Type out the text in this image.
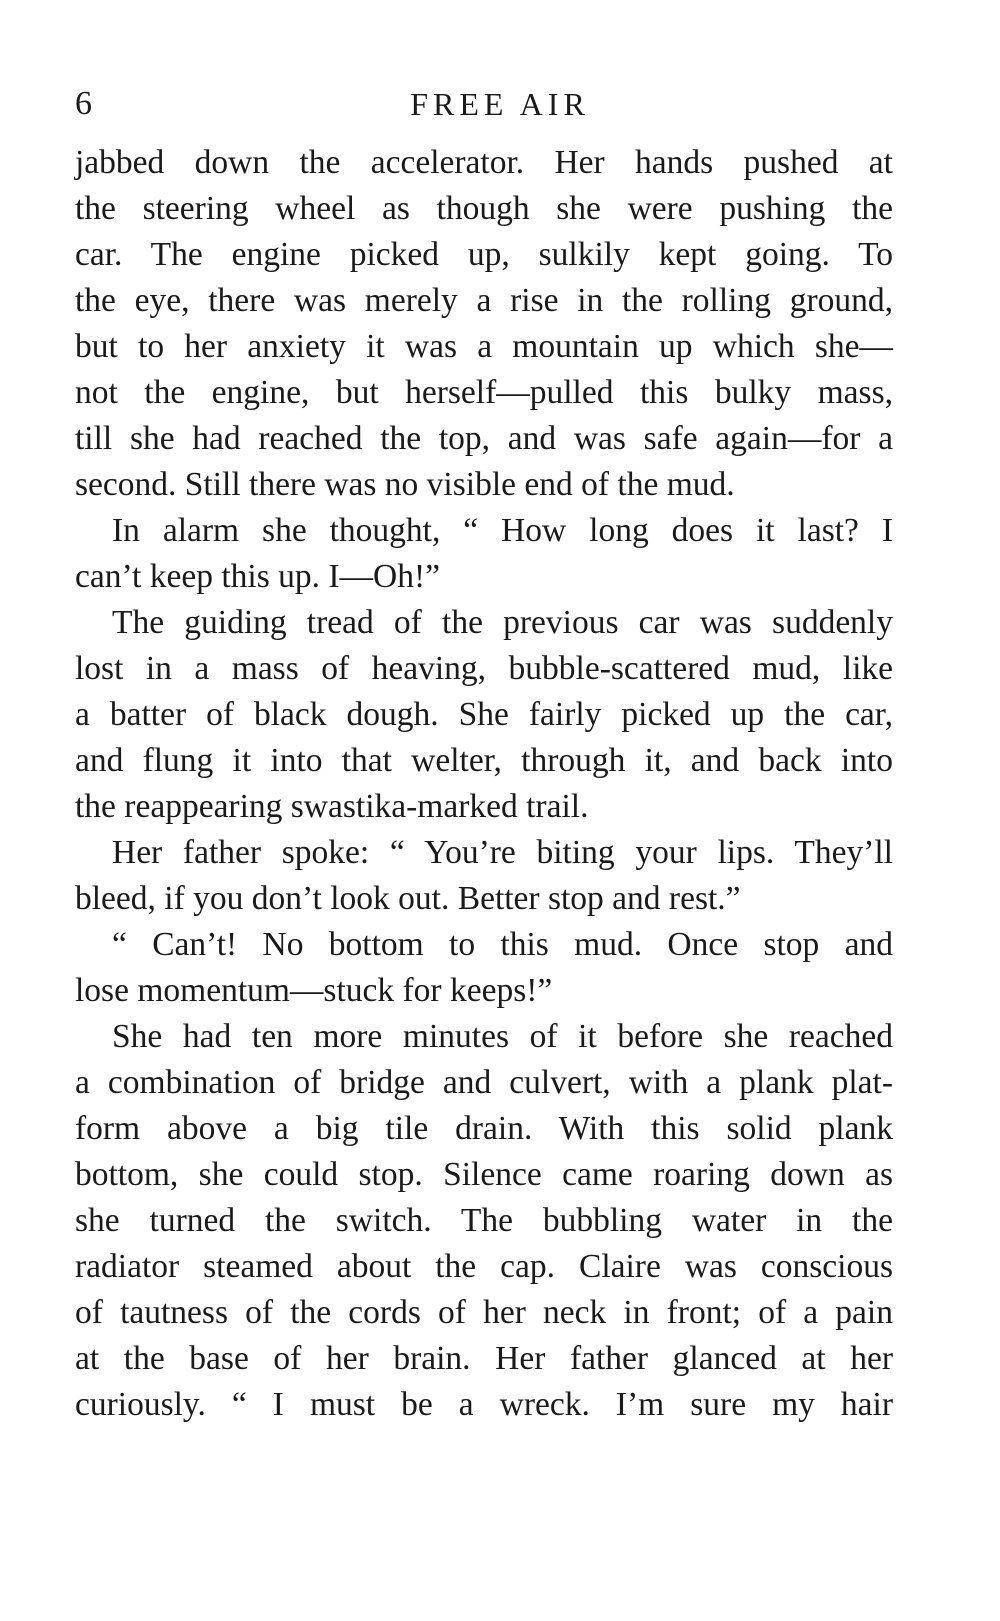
6	FREE AIR
jabbed down the accelerator. Her hands pushed at
the steering wheel as though she were pushing the
car. The engine picked up, sulkily kept going. To
the eye, there was merely a rise in the rolling ground,
but to her anxiety it was a mountain up which she—
not the engine, but herself—pulled this bulky mass,
till she had reached the top, and was safe again—for a
second. Still there was no visible end of the mud.
In alarm she thought, “ How long does it last? I
can’t keep this up. I—Oh!”
The guiding tread of the previous car was suddenly
lost in a mass of heaving, bubble-scattered mud, like
a batter of black dough. She fairly picked up the car,
and flung it into that welter, through it, and back into
the reappearing swastika-marked trail.
Her father spoke: “ You’re biting your lips. They’ll
bleed, if you don’t look out. Better stop and rest.”
“ Can’t! No bottom to this mud. Once stop and
lose momentum—stuck for keeps!”
She had ten more minutes of it before she reached
a combination of bridge and culvert, with a plank plat-
form above a big tile drain. With this solid plank
bottom, she could stop. Silence came roaring down as
she turned the switch. The bubbling water in the
radiator steamed about the cap. Claire was conscious
of tautness of the cords of her neck in front; of a pain
at the base of her brain. Her father glanced at her
curiously. “ I must be a wreck. I’m sure my hair
